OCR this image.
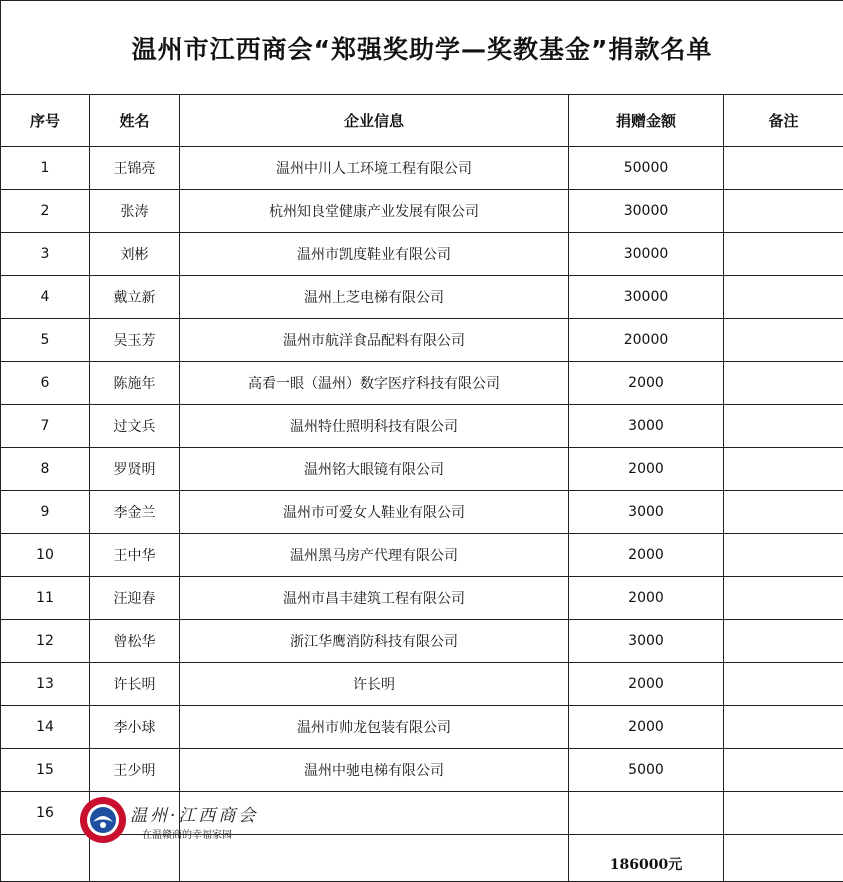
温州市江西商会“郑强奖助学—奖教基金”捐款名单				
序号	姓名	企业信息	捐赠金额	备注
1	王锦亮	温州中川人工环境工程有限公司	50000	
2	张涛	杭州知良堂健康产业发展有限公司	30000	
3	刘彬	温州市凯度鞋业有限公司	30000	
4	戴立新	温州上芝电梯有限公司	30000	
5	吴玉芳	温州市航洋食品配料有限公司	20000	
6	陈施年	高看一眼（温州）数字医疗科技有限公司	2000	
7	过文兵	温州特仕照明科技有限公司	3000	
8	罗贤明	温州铭大眼镜有限公司	2000	
9	李金兰	温州市可爱女人鞋业有限公司	3000	
10	王中华	温州黑马房产代理有限公司	2000	
11	汪迎春	温州市昌丰建筑工程有限公司	2000	
12	曾松华	浙江华鹰消防科技有限公司	3000	
13	许长明	许长明	2000	
14	李小球	温州市帅龙包装有限公司	2000	
15	王少明	温州中驰电梯有限公司	5000	
16				
			186000元	
温州·江西商会
在温赣商的幸福家园
